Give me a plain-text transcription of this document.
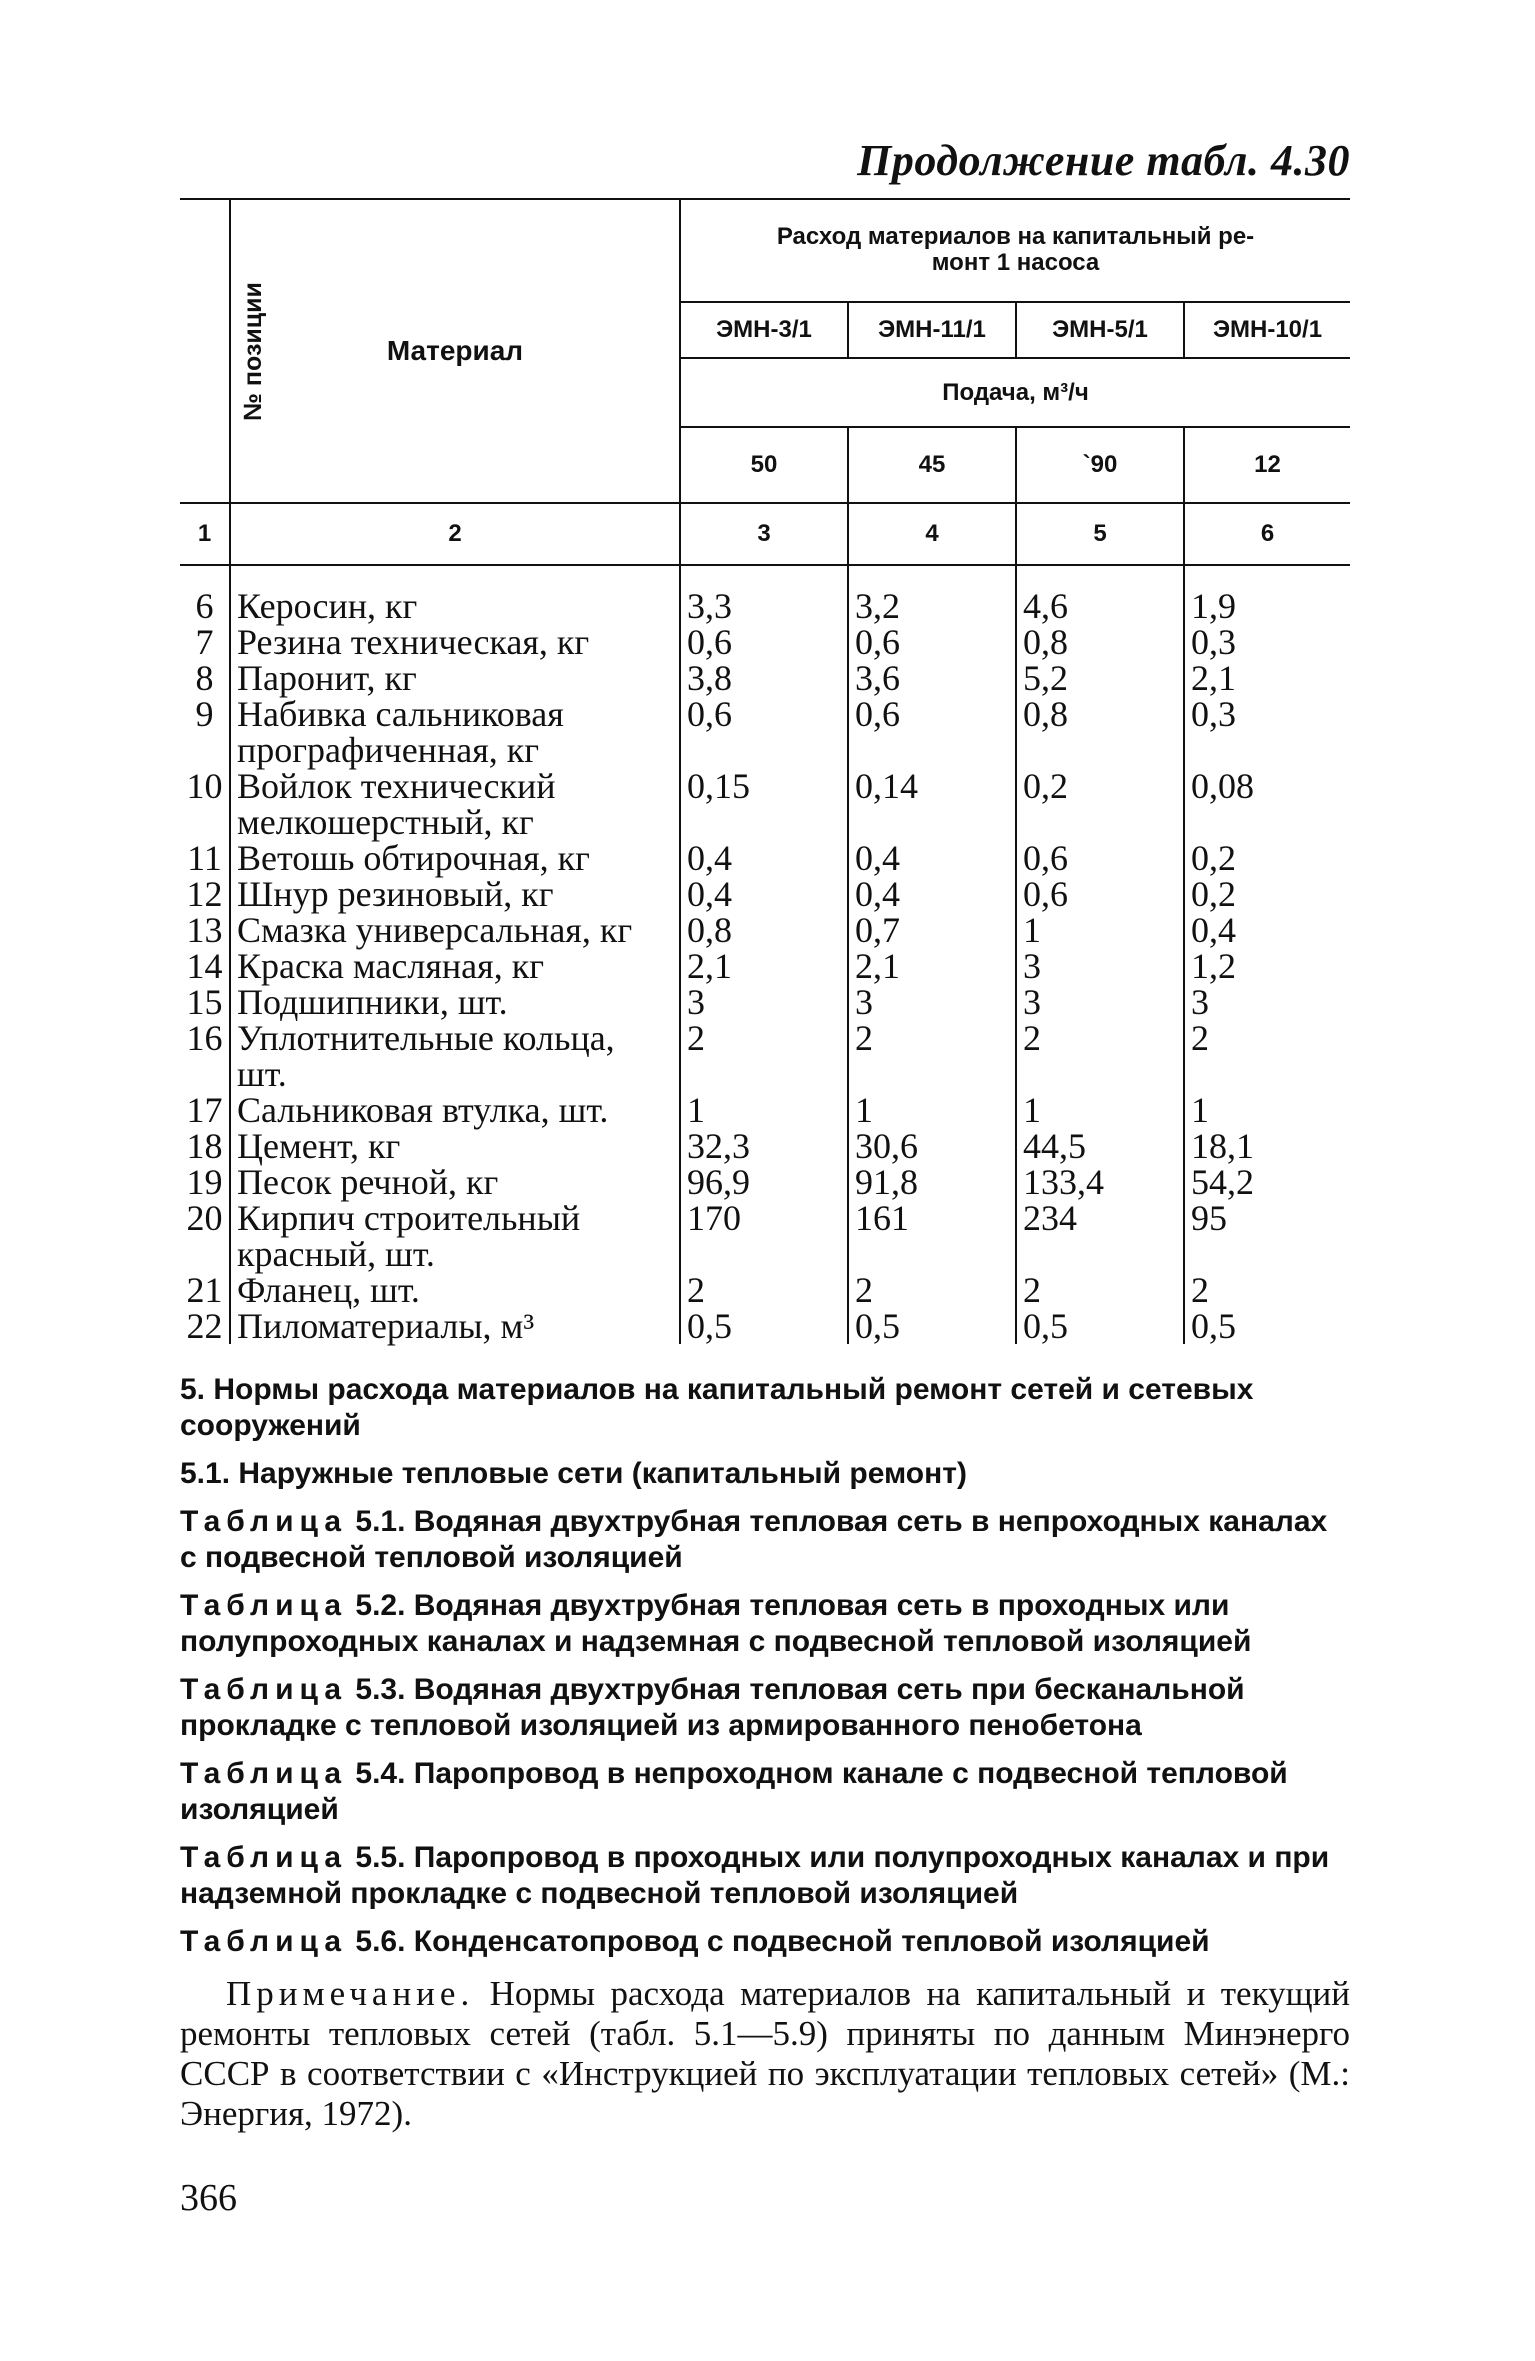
Продолжение табл. 4.30
№ позиции	Материал	Расход материалов на капитальный ре-
монт 1 насоса			
		ЭМН-3/1	ЭМН-11/1	ЭМН-5/1	ЭМН-10/1
		Подача, м³/ч			
		50	45	`90	12
1	2	3	4	5	6
6	Керосин, кг	3,3	3,2	4,6	1,9
7	Резина техническая, кг	0,6	0,6	0,8	0,3
8	Паронит, кг	3,8	3,6	5,2	2,1
9	Набивка сальниковая прографиченная, кг	0,6	0,6	0,8	0,3
10	Войлок технический мелкошерстный, кг	0,15	0,14	0,2	0,08
11	Ветошь обтирочная, кг	0,4	0,4	0,6	0,2
12	Шнур резиновый, кг	0,4	0,4	0,6	0,2
13	Смазка универсальная, кг	0,8	0,7	1	0,4
14	Краска масляная, кг	2,1	2,1	3	1,2
15	Подшипники, шт.	3	3	3	3
16	Уплотнительные кольца, шт.	2	2	2	2
17	Сальниковая втулка, шт.	1	1	1	1
18	Цемент, кг	32,3	30,6	44,5	18,1
19	Песок речной, кг	96,9	91,8	133,4	54,2
20	Кирпич строительный красный, шт.	170	161	234	95
21	Фланец, шт.	2	2	2	2
22	Пиломатериалы, м³	0,5	0,5	0,5	0,5

5. Нормы расхода материалов на капитальный ремонт сетей и сетевых сооружений

5.1. Наружные тепловые сети (капитальный ремонт)

Таблица 5.1. Водяная двухтрубная тепловая сеть в непроходных каналах с подвесной тепловой изоляцией

Таблица 5.2. Водяная двухтрубная тепловая сеть в проходных или полупроходных каналах и надземная с подвесной тепловой изоляцией

Таблица 5.3. Водяная двухтрубная тепловая сеть при бесканальной прокладке с тепловой изоляцией из армированного пенобетона

Таблица 5.4. Паропровод в непроходном канале с подвесной тепловой изоляцией

Таблица 5.5. Паропровод в проходных или полупроходных каналах и при надземной прокладке с подвесной тепловой изоляцией

Таблица 5.6. Конденсатопровод с подвесной тепловой изоляцией

Примечание. Нормы расхода материалов на капитальный и текущий ремонты тепловых сетей (табл. 5.1—5.9) приняты по данным Минэнерго СССР в соответствии с «Инструкцией по эксплуатации тепловых сетей» (М.: Энергия, 1972).
366
